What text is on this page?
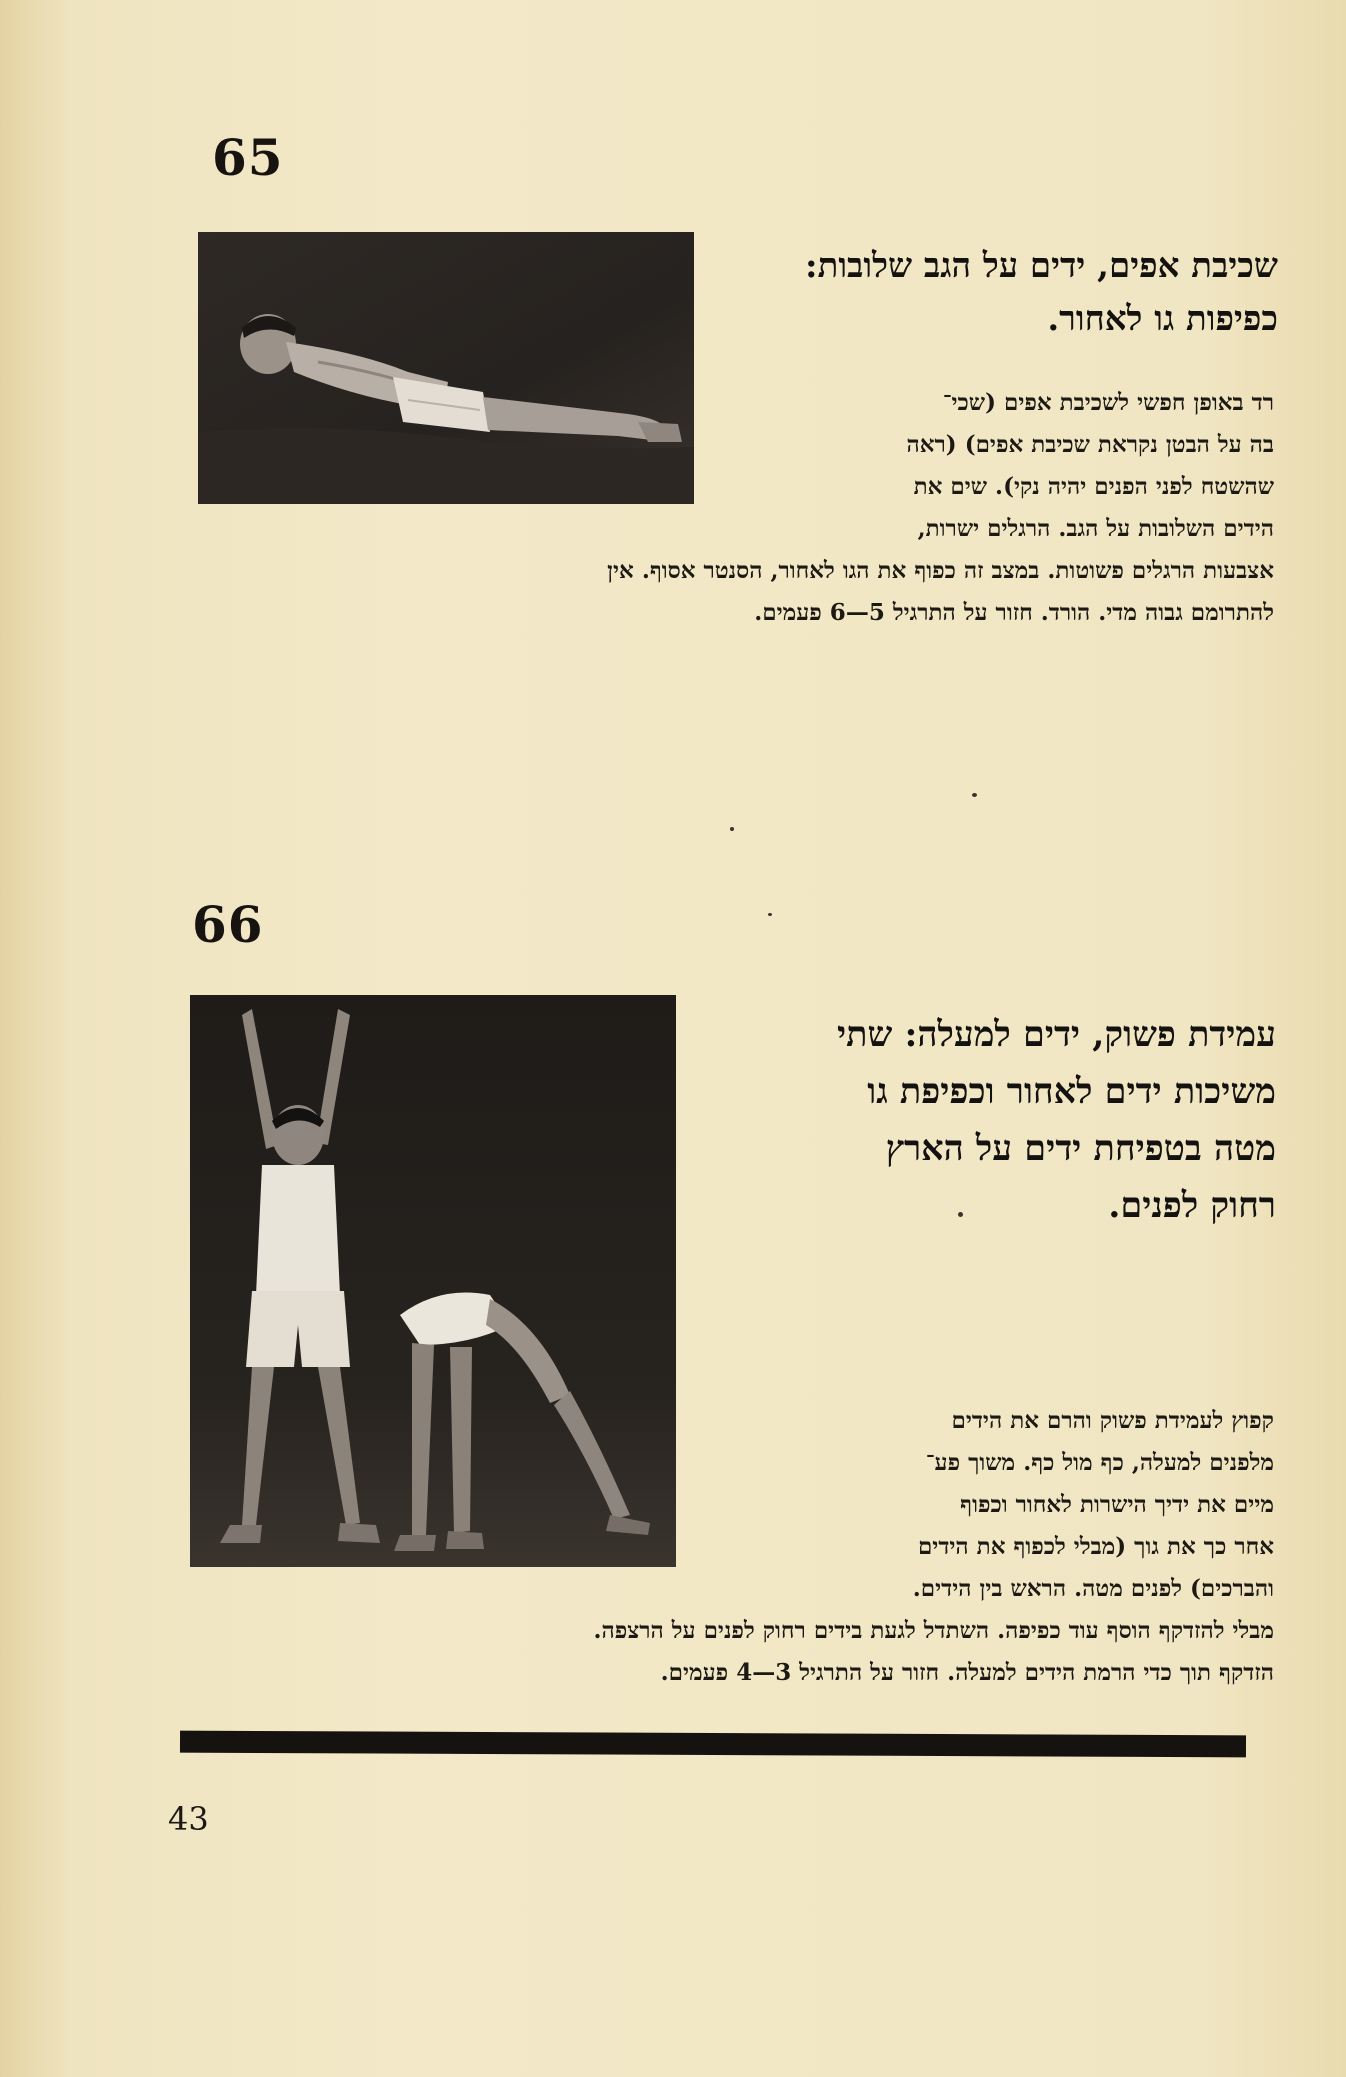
65
שכיבת אפים, ידים על הגב שלובות:
כפיפות גו לאחור.
רד באופן חפשי לשכיבת אפים (שכי־
בה על הבטן נקראת שכיבת אפים) (ראה
שהשטח לפני הפנים יהיה נקי). שים את
הידים השלובות על הגב. הרגלים ישרות,
אצבעות הרגלים פשוטות. במצב זה כפוף את הגו לאחור, הסנטר אסוף. אין
להתרומם גבוה מדי. הורד. חזור על התרגיל 5—6 פעמים.
66
עמידת פשוק, ידים למעלה: שתי
משיכות ידים לאחור וכפיפת גו
מטה בטפיחת ידים על הארץ
רחוק לפנים.
קפוץ לעמידת פשוק והרם את הידים
מלפנים למעלה, כף מול כף. משוך פע־
מיים את ידיך הישרות לאחור וכפוף
אחר כך את גוך (מבלי לכפוף את הידים
והברכים) לפנים מטה. הראש בין הידים.
מבלי להזדקף הוסף עוד כפיפה. השתדל לגעת בידים רחוק לפנים על הרצפה.
הזדקף תוך כדי הרמת הידים למעלה. חזור על התרגיל 3—4 פעמים.
43
